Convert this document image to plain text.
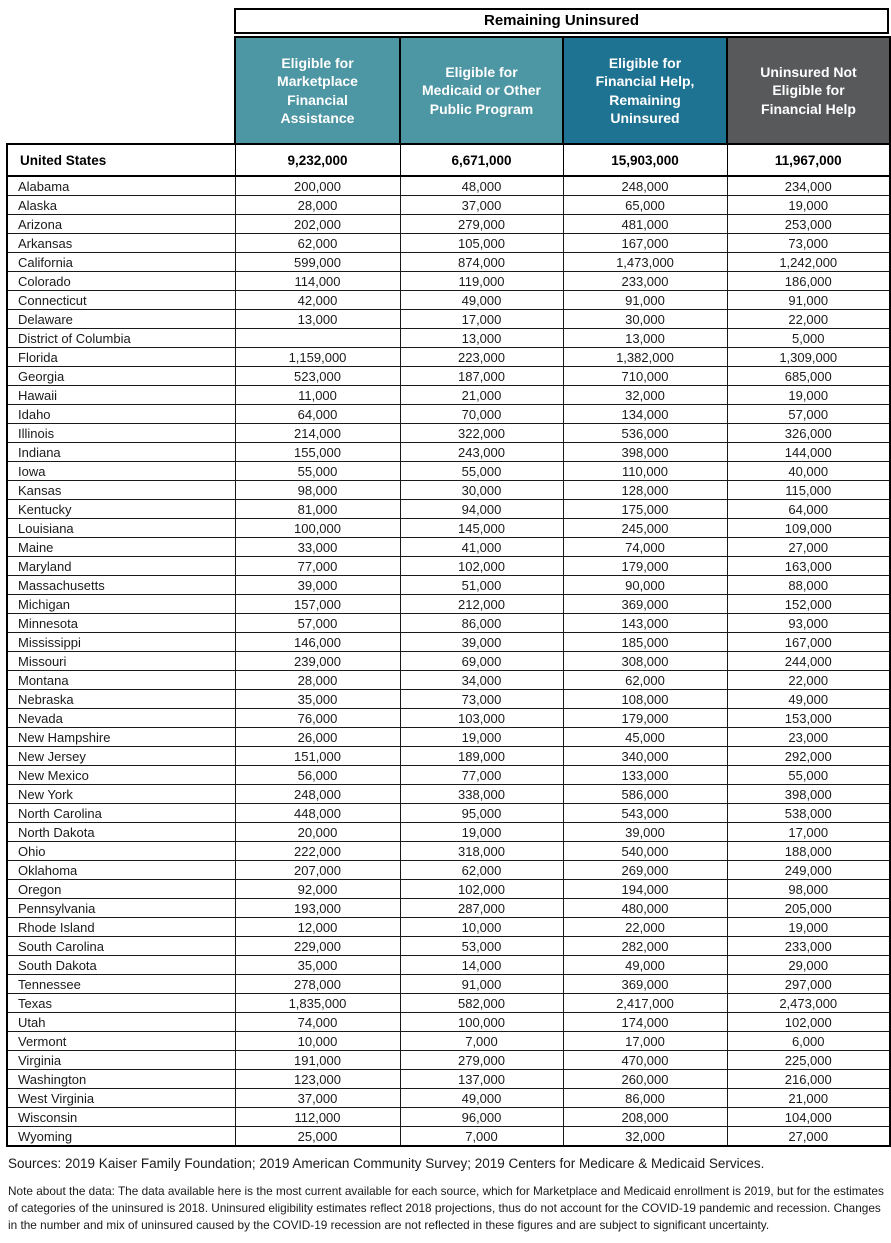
Remaining Uninsured
	Eligible for Marketplace Financial Assistance	Eligible for Medicaid or Other Public Program	Eligible for Financial Help, Remaining Uninsured	Uninsured Not Eligible for Financial Help
United States	9,232,000	6,671,000	15,903,000	11,967,000
Alabama	200,000	48,000	248,000	234,000
Alaska	28,000	37,000	65,000	19,000
Arizona	202,000	279,000	481,000	253,000
Arkansas	62,000	105,000	167,000	73,000
California	599,000	874,000	1,473,000	1,242,000
Colorado	114,000	119,000	233,000	186,000
Connecticut	42,000	49,000	91,000	91,000
Delaware	13,000	17,000	30,000	22,000
District of Columbia		13,000	13,000	5,000
Florida	1,159,000	223,000	1,382,000	1,309,000
Georgia	523,000	187,000	710,000	685,000
Hawaii	11,000	21,000	32,000	19,000
Idaho	64,000	70,000	134,000	57,000
Illinois	214,000	322,000	536,000	326,000
Indiana	155,000	243,000	398,000	144,000
Iowa	55,000	55,000	110,000	40,000
Kansas	98,000	30,000	128,000	115,000
Kentucky	81,000	94,000	175,000	64,000
Louisiana	100,000	145,000	245,000	109,000
Maine	33,000	41,000	74,000	27,000
Maryland	77,000	102,000	179,000	163,000
Massachusetts	39,000	51,000	90,000	88,000
Michigan	157,000	212,000	369,000	152,000
Minnesota	57,000	86,000	143,000	93,000
Mississippi	146,000	39,000	185,000	167,000
Missouri	239,000	69,000	308,000	244,000
Montana	28,000	34,000	62,000	22,000
Nebraska	35,000	73,000	108,000	49,000
Nevada	76,000	103,000	179,000	153,000
New Hampshire	26,000	19,000	45,000	23,000
New Jersey	151,000	189,000	340,000	292,000
New Mexico	56,000	77,000	133,000	55,000
New York	248,000	338,000	586,000	398,000
North Carolina	448,000	95,000	543,000	538,000
North Dakota	20,000	19,000	39,000	17,000
Ohio	222,000	318,000	540,000	188,000
Oklahoma	207,000	62,000	269,000	249,000
Oregon	92,000	102,000	194,000	98,000
Pennsylvania	193,000	287,000	480,000	205,000
Rhode Island	12,000	10,000	22,000	19,000
South Carolina	229,000	53,000	282,000	233,000
South Dakota	35,000	14,000	49,000	29,000
Tennessee	278,000	91,000	369,000	297,000
Texas	1,835,000	582,000	2,417,000	2,473,000
Utah	74,000	100,000	174,000	102,000
Vermont	10,000	7,000	17,000	6,000
Virginia	191,000	279,000	470,000	225,000
Washington	123,000	137,000	260,000	216,000
West Virginia	37,000	49,000	86,000	21,000
Wisconsin	112,000	96,000	208,000	104,000
Wyoming	25,000	7,000	32,000	27,000

Sources: 2019 Kaiser Family Foundation; 2019 American Community Survey; 2019 Centers for Medicare & Medicaid Services.

Note about the data: The data available here is the most current available for each source, which for Marketplace and Medicaid enrollment is 2019, but for the estimates of categories of the uninsured is 2018. Uninsured eligibility estimates reflect 2018 projections, thus do not account for the COVID-19 pandemic and recession. Changes in the number and mix of uninsured caused by the COVID-19 recession are not reflected in these figures and are subject to significant uncertainty.
